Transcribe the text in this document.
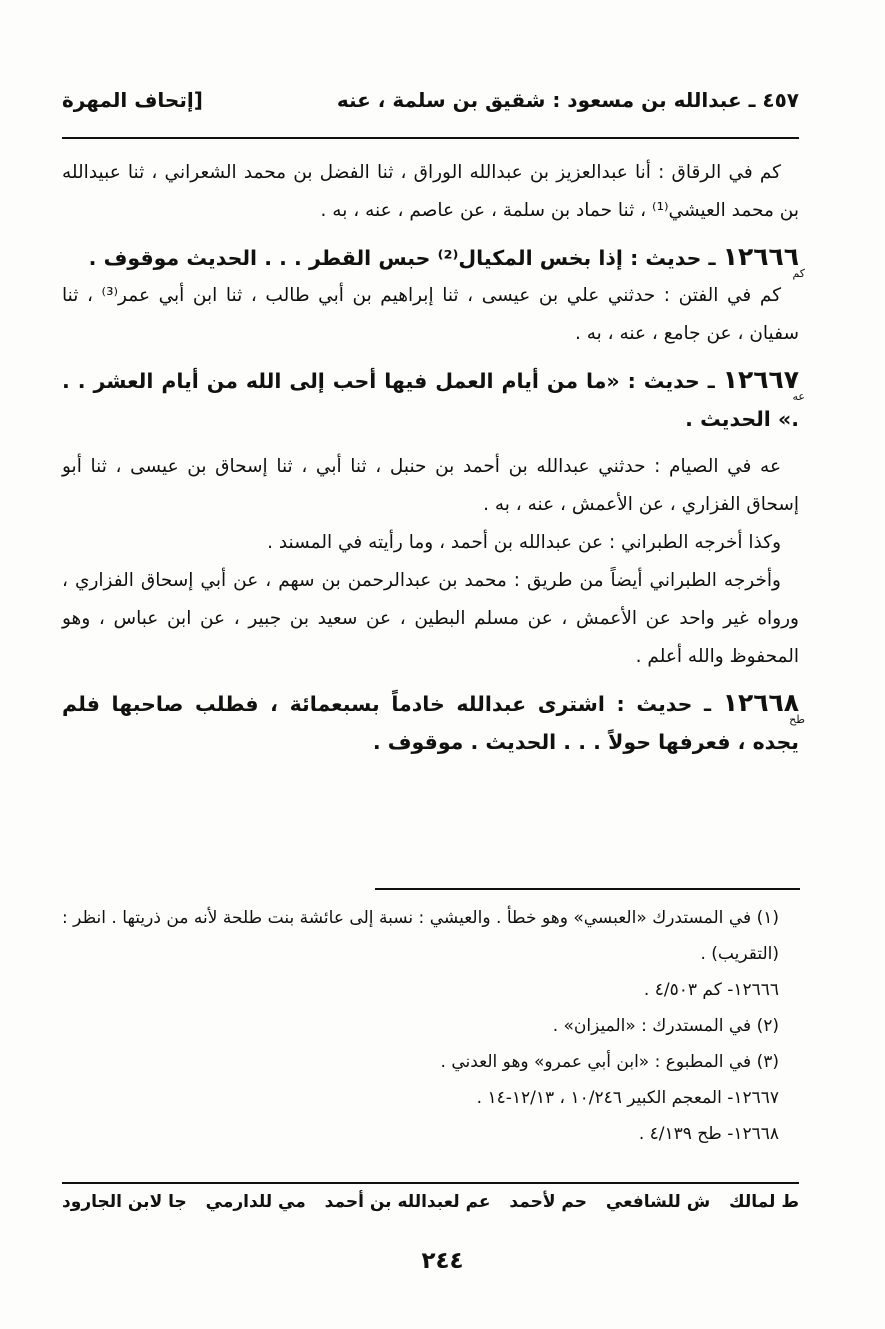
٤٥٧ ـ عبدالله بن مسعود : شقيق بن سلمة ، عنه
[إتحاف المهرة

كم في الرقاق : أنا عبدالعزيز بن عبدالله الوراق ، ثنا الفضل بن محمد الشعراني ، ثنا عبيدالله بن محمد العيشي⁽¹⁾ ، ثنا حماد بن سلمة ، عن عاصم ، عنه ، به .

١٢٦٦٦ ـ حديث : إذا بخس المكيال⁽²⁾ حبس القطر . . . الحديث موقوف .
كم

كم في الفتن : حدثني علي بن عيسى ، ثنا إبراهيم بن أبي طالب ، ثنا ابن أبي عمر⁽³⁾ ، ثنا سفيان ، عن جامع ، عنه ، به .

١٢٦٦٧ ـ حديث : «ما من أيام العمل فيها أحب إلى الله من أيام العشر . . .» الحديث .
عه

عه في الصيام : حدثني عبدالله بن أحمد بن حنبل ، ثنا أبي ، ثنا إسحاق بن عيسى ، ثنا أبو إسحاق الفزاري ، عن الأعمش ، عنه ، به .

وكذا أخرجه الطبراني : عن عبدالله بن أحمد ، وما رأيته في المسند .

وأخرجه الطبراني أيضاً من طريق : محمد بن عبدالرحمن بن سهم ، عن أبي إسحاق الفزاري ، ورواه غير واحد عن الأعمش ، عن مسلم البطين ، عن سعيد بن جبير ، عن ابن عباس ، وهو المحفوظ والله أعلم .

١٢٦٦٨ ـ حديث : اشترى عبدالله خادماً بسبعمائة ، فطلب صاحبها فلم يجده ، فعرفها حولاً . . . الحديث . موقوف .
طح

(١) في المستدرك «العبسي» وهو خطأ . والعيشي : نسبة إلى عائشة بنت طلحة لأنه من ذريتها . انظر : (التقريب) .

١٢٦٦٦- كم ٤/٥٠٣ .

(٢) في المستدرك : «الميزان» .

(٣) في المطبوع : «ابن أبي عمرو» وهو العدني .

١٢٦٦٧- المعجم الكبير ١٠/٢٤٦ ، ١٢/١٣-١٤ .

١٢٦٦٨- طح ٤/١٣٩ .

ط لمالك
ش للشافعي
حم لأحمد
عم لعبدالله بن أحمد
مي للدارمي
جا لابن الجارود
٢٤٤
